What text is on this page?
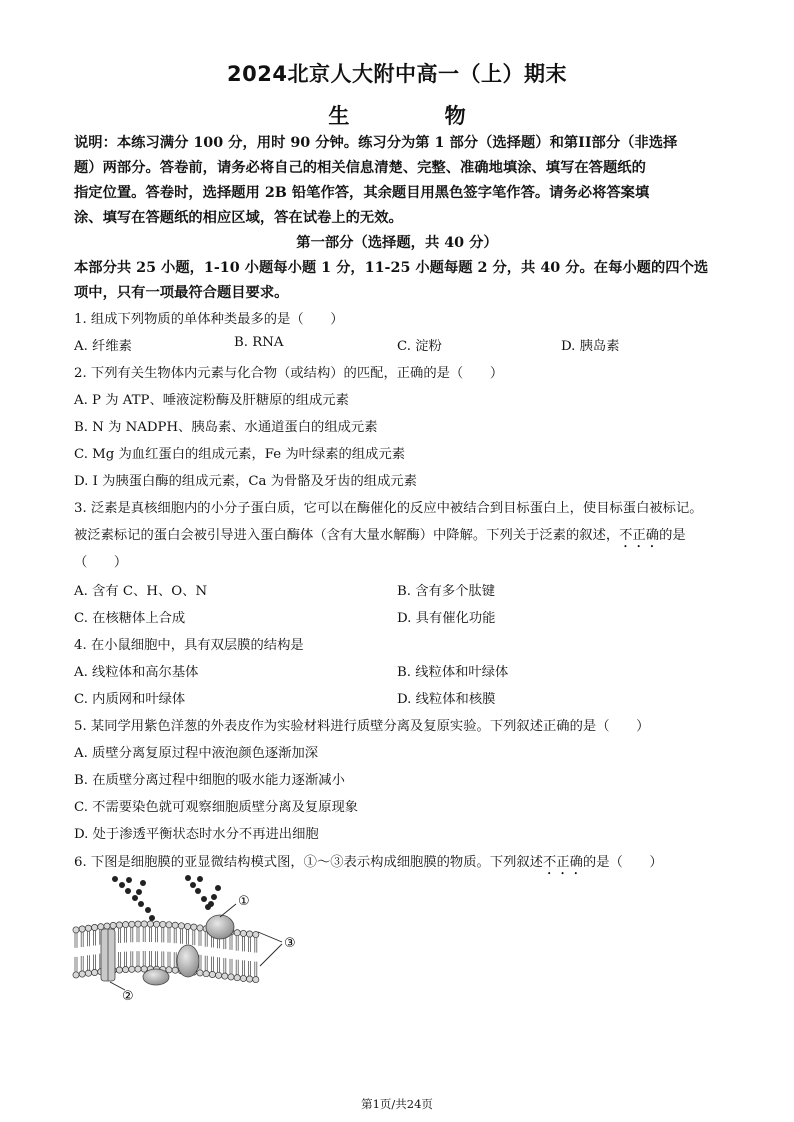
2024北京人大附中高一（上）期末
生 物
说明：本练习满分 100 分，用时 90 分钟。练习分为第 1 部分（选择题）和第II部分（非选择
题）两部分。答卷前，请务必将自己的相关信息清楚、完整、准确地填涂、填写在答题纸的
指定位置。答卷时，选择题用 2B 铅笔作答，其余题目用黑色签字笔作答。请务必将答案填
涂、填写在答题纸的相应区域，答在试卷上的无效。
第一部分（选择题，共 40 分）
本部分共 25 小题，1-10 小题每小题 1 分，11-25 小题每题 2 分，共 40 分。在每小题的四个选
项中，只有一项最符合题目要求。
1. 组成下列物质的单体种类最多的是（　　）
A. 纤维素	B. RNA	C. 淀粉	D. 胰岛素
2. 下列有关生物体内元素与化合物（或结构）的匹配，正确的是（　　）
A. P 为 ATP、唾液淀粉酶及肝糖原的组成元素
B. N 为 NADPH、胰岛素、水通道蛋白的组成元素
C. Mg 为血红蛋白的组成元素，Fe 为叶绿素的组成元素
D. I 为胰蛋白酶的组成元素，Ca 为骨骼及牙齿的组成元素
3. 泛素是真核细胞内的小分子蛋白质，它可以在酶催化的反应中被结合到目标蛋白上，使目标蛋白被标记。
被泛素标记的蛋白会被引导进入蛋白酶体（含有大量水解酶）中降解。下列关于泛素的叙述，不正确的是
（　　）
A. 含有 C、H、O、N	B. 含有多个肽键
C. 在核糖体上合成	D. 具有催化功能
4. 在小鼠细胞中，具有双层膜的结构是
A. 线粒体和高尔基体	B. 线粒体和叶绿体
C. 内质网和叶绿体	D. 线粒体和核膜
5. 某同学用紫色洋葱的外表皮作为实验材料进行质壁分离及复原实验。下列叙述正确的是（　　）
A. 质壁分离复原过程中液泡颜色逐渐加深
B. 在质壁分离过程中细胞的吸水能力逐渐减小
C. 不需要染色就可观察细胞质壁分离及复原现象
D. 处于渗透平衡状态时水分不再进出细胞
6. 下图是细胞膜的亚显微结构模式图，①～③表示构成细胞膜的物质。下列叙述不正确的是（　　）
①
②
③
第1页/共24页
